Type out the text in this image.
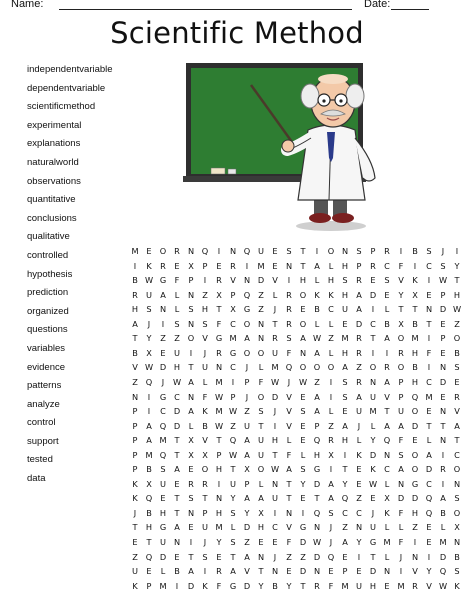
Name:	Date:
Scientific Method
independentvariable
dependentvariable
scientificmethod
experimental
explanations
naturalworld
observations
quantitative
conclusions
qualitative
controlled
hypothesis
prediction
organized
questions
variables
evidence
patterns
analyze
control
support
tested
data
M E O R N Q	I	N Q U	E	S	T	I	O N	S	P	R	I	B	S	J	I
I	K	R	E	X	P	E	R	I	M E	N	T	A	L	H	P	R	C	F	I	C	S	Y
B W G	F	P	I	R	V N D V	I	H	L	H	S	R	E	S	V	K	I	W T
R U A	L	N Z	X	P	Q Z	L	R O K	K	H A D	E	Y	X	E	P	H
H	S	N	L	S	H	T	X G Z	J	R	E	B	C U A	I	L	T	T	N D W
A	J	I	S	N	S	F	C O N	T	R O	L	L	E	D C	B	X	B	T	E	Z
T	Y	Z	Z O V G M A N R	S	A W Z M R	T	A O M	I	P	O
B	X	E	U	I	J	R G O O U	F	N A	L	H R	I	I	R H	F	E	B
V W D H	T	U N C	J	L M Q O O O A	Z O R O B	I	N	S
Z Q	J	W A	L M	I	P	F W	J	W Z	I	S	R N A	P	H C D	E
N	I	G C N	F W P	J	O D V	E	A	I	S	A	U V	P	Q M E	R
P	I	C D A	K M W Z	S	J	V	S	A	L	E	U M T	U O E	N V
P	A Q D	L	B W Z	U	T	I	V	E	P	Z	A	J	L	A	A D	T	T	A
P	A M T	X	V	T	Q A	U H	L	E Q R H	L	Y	Q	F	E	L	N	T
P M Q	T	X	X	P W A	U	T	F	L	H X	I	K D N	S O A	I	C
P	B	S	A	E O H	T	X O W A	S	G	I	T	E	K	C	A O D R O
K	X	U	E	R	R	I	U	P	L	N	T	Y	D A	Y	E W L	N G C	I	N
K Q E	T	S	T	N	Y	A	A	U	T	E	T	A Q Z	E	X D D Q A	S
J	B H	T	N	P	H	S	Y	X	I	N	I	Q S	C	C	J	K	F	H Q B O
T	H G A	E	U M L	D H C	V G N	J	Z N U	L	L	Z	E	L	X
E	T	U N	I	J	Y	S	Z	E	E	F	D W	J	A	Y	G M F	I	E M N
Z Q D	E	T	S	E	T	A N	J	Z	Z D Q E	I	T	L	J	N	I	D B
U	E	L	B	A	I	R	A	V	T	N	E	D N	E	P	E	D N	I	V	Y	Q S
K	P M	I	D K	F	G D	Y	B	Y	T	R	F M U H	E M R	V W K
